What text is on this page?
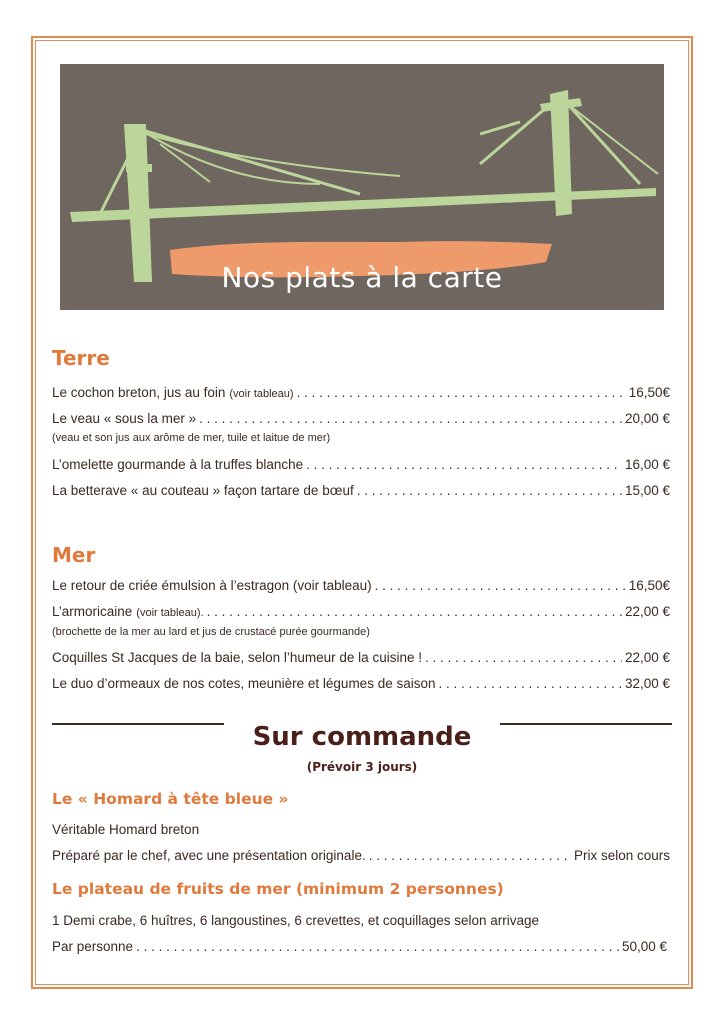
Nos plats à la carte
Terre
Le cochon breton, jus au foin (voir tableau) . . .	16,50€
Le veau « sous la mer » . . .	20,00 €
(veau et son jus aux arôme de mer, tuile et laitue de mer)
L’omelette gourmande à la truffes blanche . . .	16,00 €
La betterave « au couteau » façon tartare de bœuf . . .	15,00 €
Mer
Le retour de criée émulsion à l’estragon (voir tableau) . . .	16,50€
L’armoricaine (voir tableau). . . .	22,00 €
(brochette de la mer au lard et jus de crustacé purée gourmande)
Coquilles St Jacques de la baie, selon l’humeur de la cuisine ! . . .	22,00 €
Le duo d’ormeaux de nos cotes, meunière et légumes de saison . . .	32,00 €
Sur commande
(Prévoir 3 jours)
Le « Homard à tête bleue »
Véritable Homard breton
Préparé par le chef, avec une présentation originale. . . .	Prix selon cours
Le plateau de fruits de mer (minimum 2 personnes)
1 Demi crabe, 6 huîtres, 6 langoustines, 6 crevettes, et coquillages selon arrivage
Par personne . . .	50,00 €
